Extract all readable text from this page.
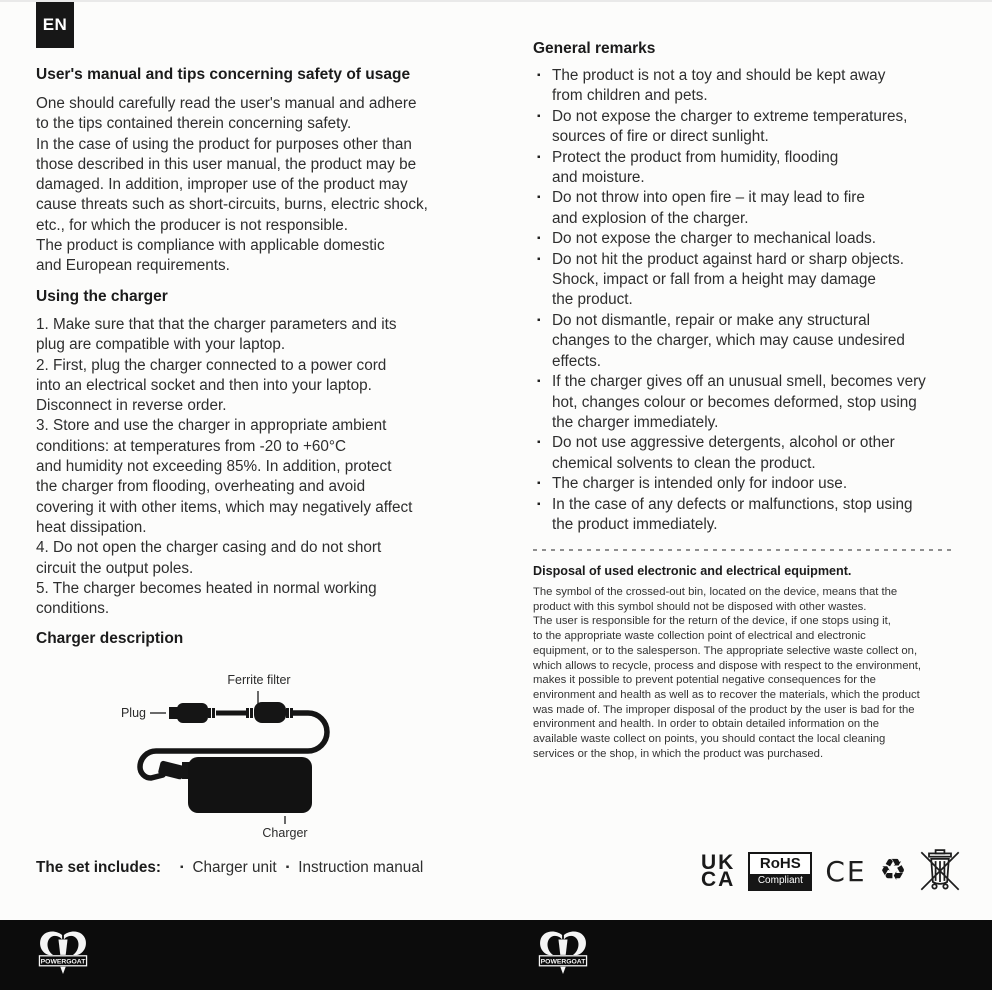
EN
User's manual and tips concerning safety of usage
One should carefully read the user's manual and adhere
to the tips contained therein concerning safety.
In the case of using the product for purposes other than
those described in this user manual, the product may be
damaged. In addition, improper use of the product may
cause threats such as short-circuits, burns, electric shock,
etc., for which the producer is not responsible.
The product is compliance with applicable domestic
and European requirements.
Using the charger
1. Make sure that that the charger parameters and its
plug are compatible with your laptop.
2. First, plug the charger connected to a power cord
into an electrical socket and then into your laptop.
Disconnect in reverse order.
3. Store and use the charger in appropriate ambient
conditions: at temperatures from -20 to +60°C
and humidity not exceeding 85%. In addition, protect
the charger from flooding, overheating and avoid
covering it with other items, which may negatively affect
heat dissipation.
4. Do not open the charger casing and do not short
circuit the output poles.
5. The charger becomes heated in normal working
conditions.
Charger description
Ferrite filter
Plug
Charger
The set includes: ▪ Charger unit ▪ Instruction manual
General remarks
▪ The product is not a toy and should be kept away
from children and pets.
▪ Do not expose the charger to extreme temperatures,
sources of fire or direct sunlight.
▪ Protect the product from humidity, flooding
and moisture.
▪ Do not throw into open fire – it may lead to fire
and explosion of the charger.
▪ Do not expose the charger to mechanical loads.
▪ Do not hit the product against hard or sharp objects.
Shock, impact or fall from a height may damage
the product.
▪ Do not dismantle, repair or make any structural
changes to the charger, which may cause undesired
effects.
▪ If the charger gives off an unusual smell, becomes very
hot, changes colour or becomes deformed, stop using
the charger immediately.
▪ Do not use aggressive detergents, alcohol or other
chemical solvents to clean the product.
▪ The charger is intended only for indoor use.
▪ In the case of any defects or malfunctions, stop using
the product immediately.
Disposal of used electronic and electrical equipment.
The symbol of the crossed-out bin, located on the device, means that the
product with this symbol should not be disposed with other wastes.
The user is responsible for the return of the device, if one stops using it,
to the appropriate waste collection point of electrical and electronic
equipment, or to the salesperson. The appropriate selective waste collect on,
which allows to recycle, process and dispose with respect to the environment,
makes it possible to prevent potential negative consequences for the
environment and health as well as to recover the materials, which the product
was made of. The improper disposal of the product by the user is bad for the
environment and health. In order to obtain detailed information on the
available waste collect on points, you should contact the local cleaning
services or the shop, in which the product was purchased.
UK
CA
RoHS
Compliant CE ♻
POWERGOAT	POWERGOAT
